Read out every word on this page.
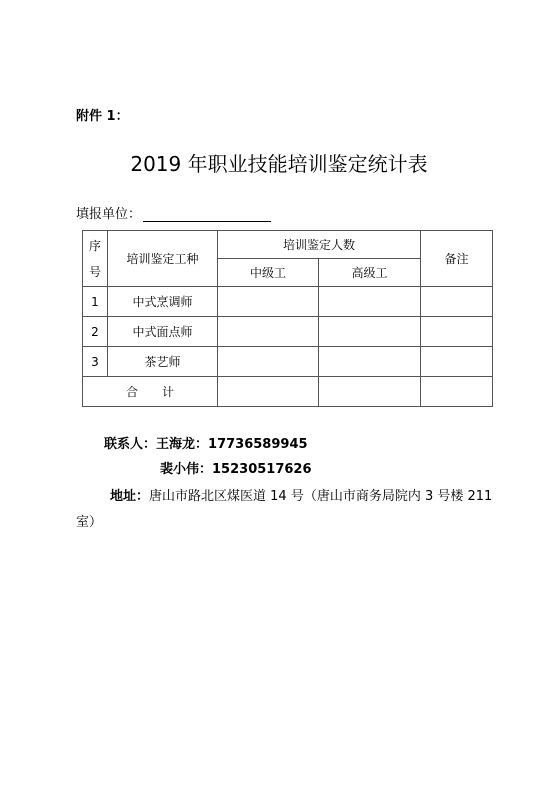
附件 1：
2019 年职业技能培训鉴定统计表
填报单位：
序
号	培训鉴定工种	培训鉴定人数		备注
		中级工	高级工	
1	中式烹调师			
2	中式面点师			
3	茶艺师			
合 计				
联系人：王海龙：17736589945
裴小伟：15230517626
地址：唐山市路北区煤医道 14 号（唐山市商务局院内 3 号楼 211
室）
